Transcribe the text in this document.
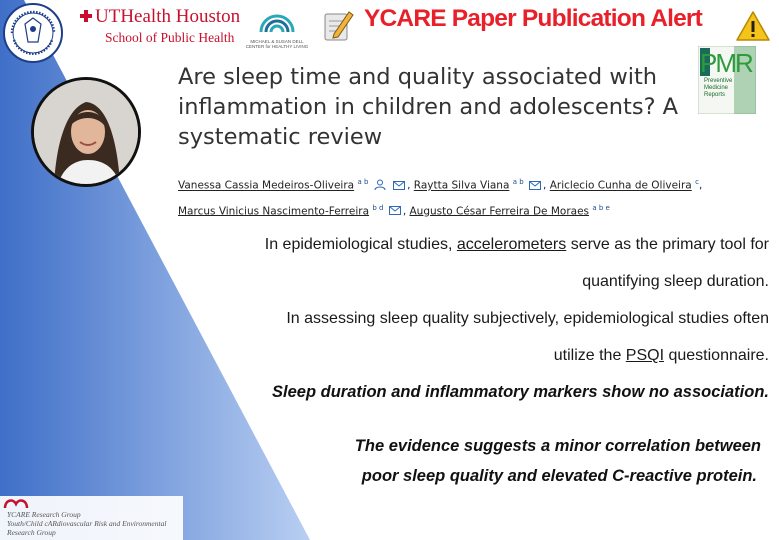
UTHealth Houston
School of Public Health	MICHAEL & SUSAN DELL
CENTER for HEALTHY LIVING
YCARE Paper Publication Alert
PMR
Preventive
Medicine
Reports
Are sleep time and quality associated with inflammation in children and adolescents? A systematic review
Vanessa Cassia Medeiros-Oliveira $^{a b}$	, Raytta Silva Viana $^{a b}$ , Ariclecio Cunha de Oliveira $^c$,
Marcus Vinicius Nascimento-Ferreira $^{b d}$ , Augusto César Ferreira De Moraes $^{a b e}$
In epidemiological studies, accelerometers serve as the primary tool for
quantifying sleep duration.
In assessing sleep quality subjectively, epidemiological studies often
utilize the PSQI questionnaire.
Sleep duration and inflammatory markers show no association.
The evidence suggests a minor correlation between
poor sleep quality and elevated C-reactive protein.
YCARE Research Group
Youth/Child cARdiovascular Risk and Environmental
Research Group
